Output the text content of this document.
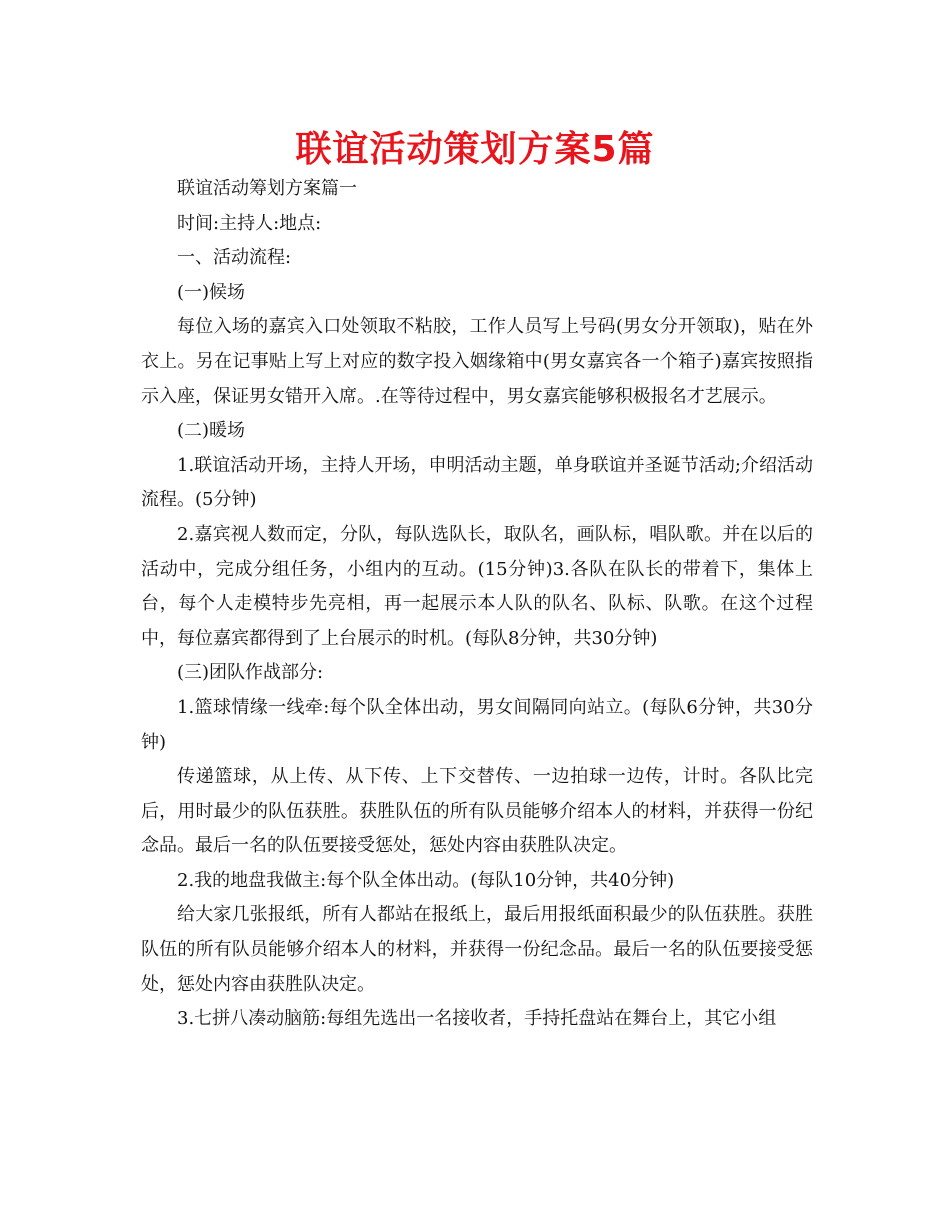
联谊活动策划方案5篇

联谊活动筹划方案篇一

时间:主持人:地点:

一、活动流程:

(一)候场

每位入场的嘉宾入口处领取不粘胶，工作人员写上号码(男女分开领取)，贴在外衣上。另在记事贴上写上对应的数字投入姻缘箱中(男女嘉宾各一个箱子)嘉宾按照指示入座，保证男女错开入席。.在等待过程中，男女嘉宾能够积极报名才艺展示。

(二)暖场

1.联谊活动开场，主持人开场，申明活动主题，单身联谊并圣诞节活动;介绍活动流程。(5分钟)

2.嘉宾视人数而定，分队，每队选队长，取队名，画队标，唱队歌。并在以后的活动中，完成分组任务，小组内的互动。(15分钟)3.各队在队长的带着下，集体上台，每个人走模特步先亮相，再一起展示本人队的队名、队标、队歌。在这个过程中，每位嘉宾都得到了上台展示的时机。(每队8分钟，共30分钟)

(三)团队作战部分:

1.篮球情缘一线牵:每个队全体出动，男女间隔同向站立。(每队6分钟，共30分钟)

传递篮球，从上传、从下传、上下交替传、一边拍球一边传，计时。各队比完后，用时最少的队伍获胜。获胜队伍的所有队员能够介绍本人的材料，并获得一份纪念品。最后一名的队伍要接受惩处，惩处内容由获胜队决定。

2.我的地盘我做主:每个队全体出动。(每队10分钟，共40分钟)

给大家几张报纸，所有人都站在报纸上，最后用报纸面积最少的队伍获胜。获胜队伍的所有队员能够介绍本人的材料，并获得一份纪念品。最后一名的队伍要接受惩处，惩处内容由获胜队决定。

3.七拼八凑动脑筋:每组先选出一名接收者，手持托盘站在舞台上，其它小组
